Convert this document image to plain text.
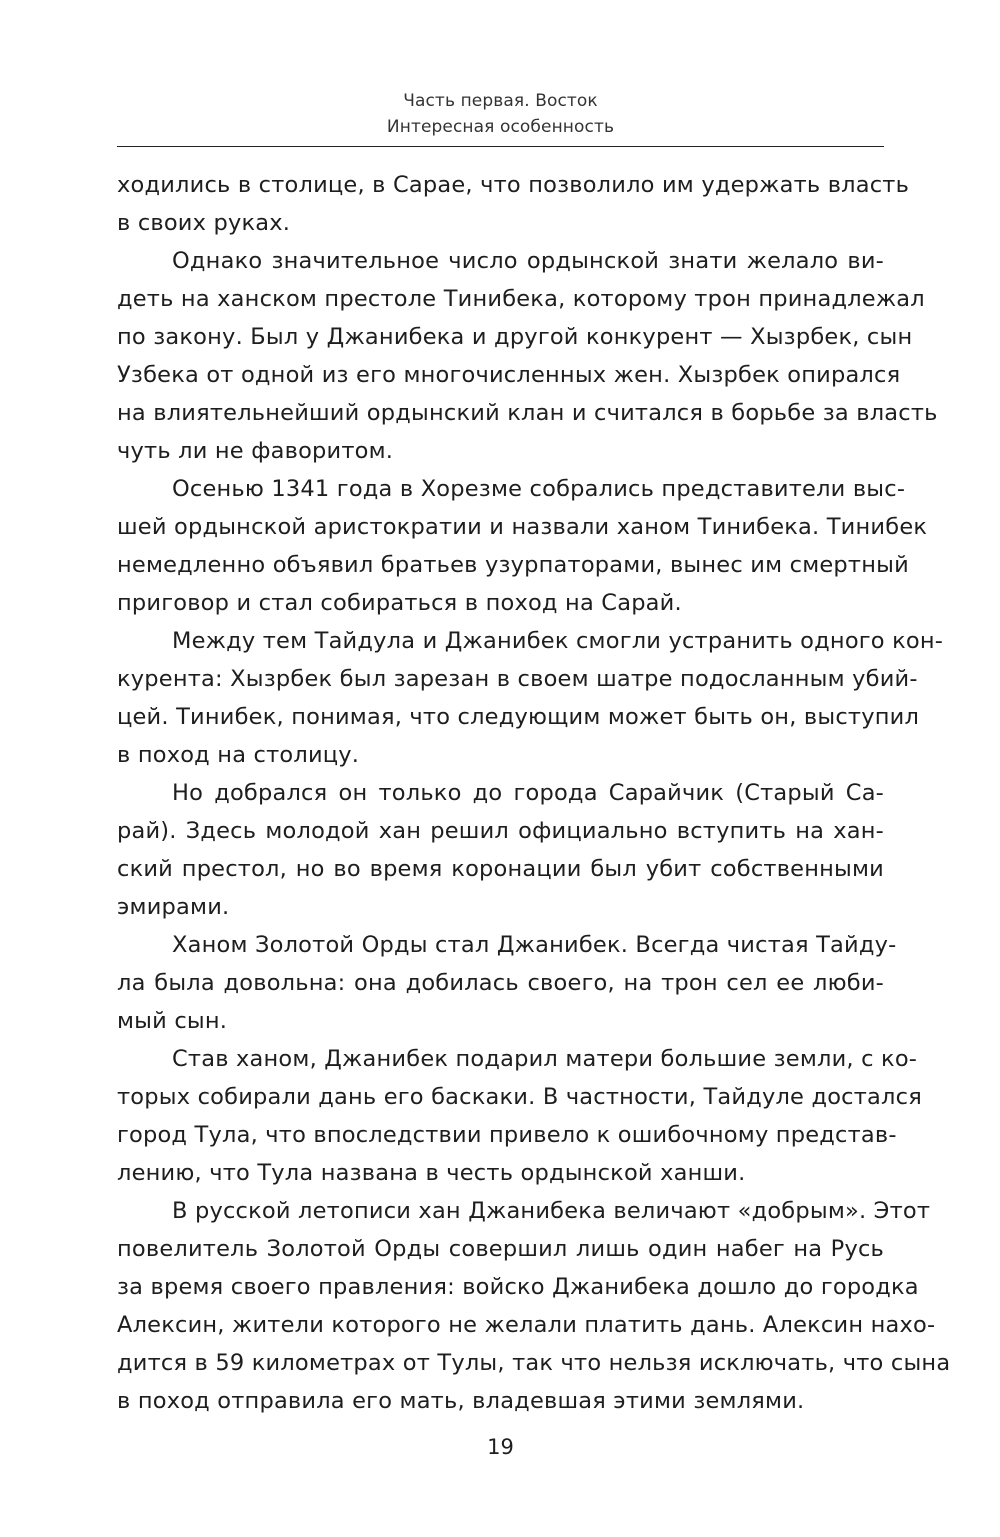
Часть первая. Восток
Интересная особенность

ходились в столице, в Сарае, что позволило им удержать власть
в своих руках.

Однако значительное число ордынской знати желало ви-
деть на ханском престоле Тинибека, которому трон принадлежал
по закону. Был у Джанибека и другой конкурент — Хызрбек, сын
Узбека от одной из его многочисленных жен. Хызрбек опирался
на влиятельнейший ордынский клан и считался в борьбе за власть
чуть ли не фаворитом.

Осенью 1341 года в Хорезме собрались представители выс-
шей ордынской аристократии и назвали ханом Тинибека. Тинибек
немедленно объявил братьев узурпаторами, вынес им смертный
приговор и стал собираться в поход на Сарай.

Между тем Тайдула и Джанибек смогли устранить одного кон-
курента: Хызрбек был зарезан в своем шатре подосланным убий-
цей. Тинибек, понимая, что следующим может быть он, выступил
в поход на столицу.

Но добрался он только до города Сарайчик (Старый Са-
рай). Здесь молодой хан решил официально вступить на хан-
ский престол, но во время коронации был убит собственными
эмирами.

Ханом Золотой Орды стал Джанибек. Всегда чистая Тайду-
ла была довольна: она добилась своего, на трон сел ее люби-
мый сын.

Став ханом, Джанибек подарил матери большие земли, с ко-
торых собирали дань его баскаки. В частности, Тайдуле достался
город Тула, что впоследствии привело к ошибочному представ-
лению, что Тула названа в честь ордынской ханши.

В русской летописи хан Джанибека величают «добрым». Этот
повелитель Золотой Орды совершил лишь один набег на Русь
за время своего правления: войско Джанибека дошло до городка
Алексин, жители которого не желали платить дань. Алексин нахо-
дится в 59 километрах от Тулы, так что нельзя исключать, что сына
в поход отправила его мать, владевшая этими землями.

19
